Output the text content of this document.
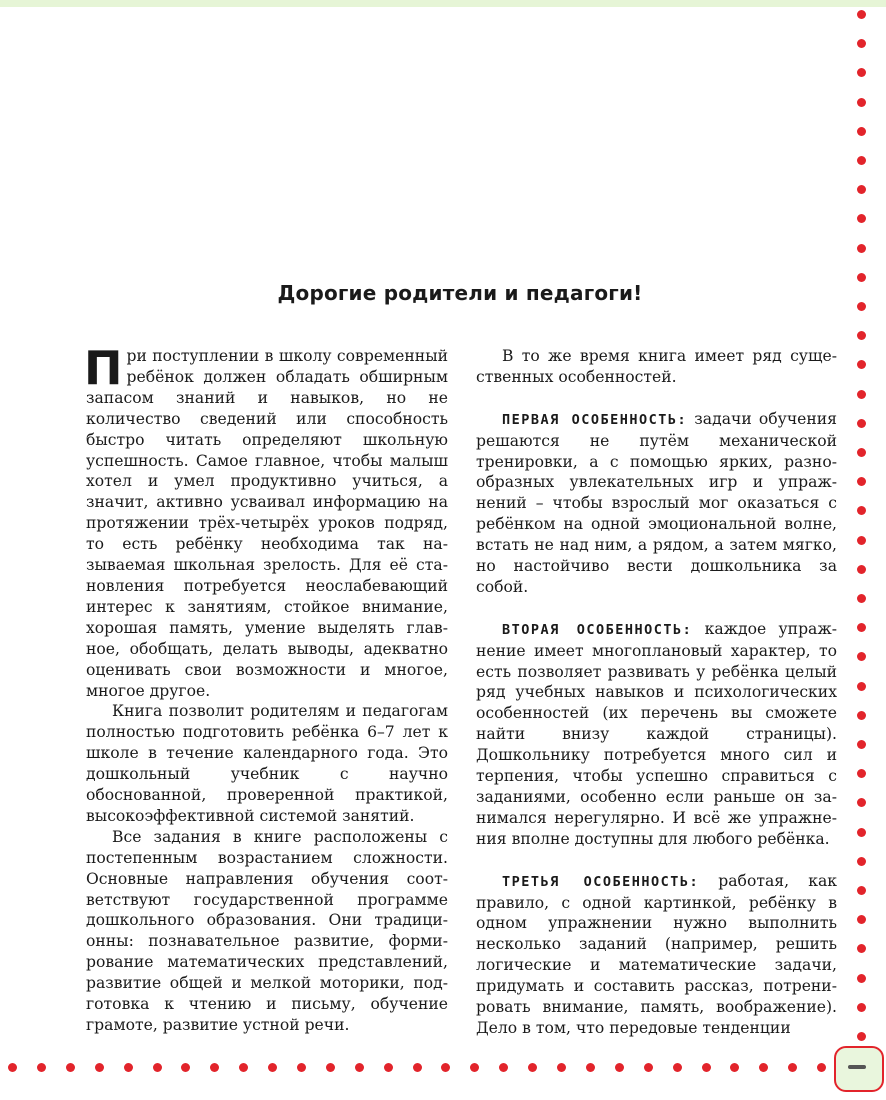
Дорогие родители и педагоги!

При поступлении в школу современный ребёнок должен обладать обширным запасом знаний и навыков, но не количество сведений или способность быстро читать определяют школьную успешность. Самое главное, чтобы малыш хотел и умел продуктивно учиться, а значит, активно усваивал информацию на протяжении трёх-четырёх уроков подряд, то есть ребёнку необходима так называемая школьная зрелость. Для её становления потребуется неослабевающий интерес к занятиям, стойкое внимание, хорошая память, умение выделять главное, обобщать, делать выводы, адекватно оценивать свои возможности и многое, многое другое.

Книга позволит родителям и педагогам полностью подготовить ребёнка 6–7 лет к школе в течение календарного года. Это дошкольный учебник с научно обоснованной, проверенной практикой, высокоэффективной системой занятий.

Все задания в книге расположены с постепенным возрастанием сложности. Основные направления обучения соответствуют государственной программе дошкольного образования. Они традиционны: познавательное развитие, формирование математических представлений, развитие общей и мелкой моторики, подготовка к чтению и письму, обучение грамоте, развитие устной речи.

В то же время книга имеет ряд существенных особенностей.

ПЕРВАЯ ОСОБЕННОСТЬ: задачи обучения решаются не путём механической тренировки, а с помощью ярких, разнообразных увлекательных игр и упражнений – чтобы взрослый мог оказаться с ребёнком на одной эмоциональной волне, встать не над ним, а рядом, а затем мягко, но настойчиво вести дошкольника за собой.

ВТОРАЯ ОСОБЕННОСТЬ: каждое упражнение имеет многоплановый характер, то есть позволяет развивать у ребёнка целый ряд учебных навыков и психологических особенностей (их перечень вы сможете найти внизу каждой страницы). Дошкольнику потребуется много сил и терпения, чтобы успешно справиться с заданиями, особенно если раньше он занимался нерегулярно. И всё же упражнения вполне доступны для любого ребёнка.

ТРЕТЬЯ ОСОБЕННОСТЬ: работая, как правило, с одной картинкой, ребёнку в одном упражнении нужно выполнить несколько заданий (например, решить логические и математические задачи, придумать и составить рассказ, потренировать внимание, память, воображение). Дело в том, что передовые тенденции
